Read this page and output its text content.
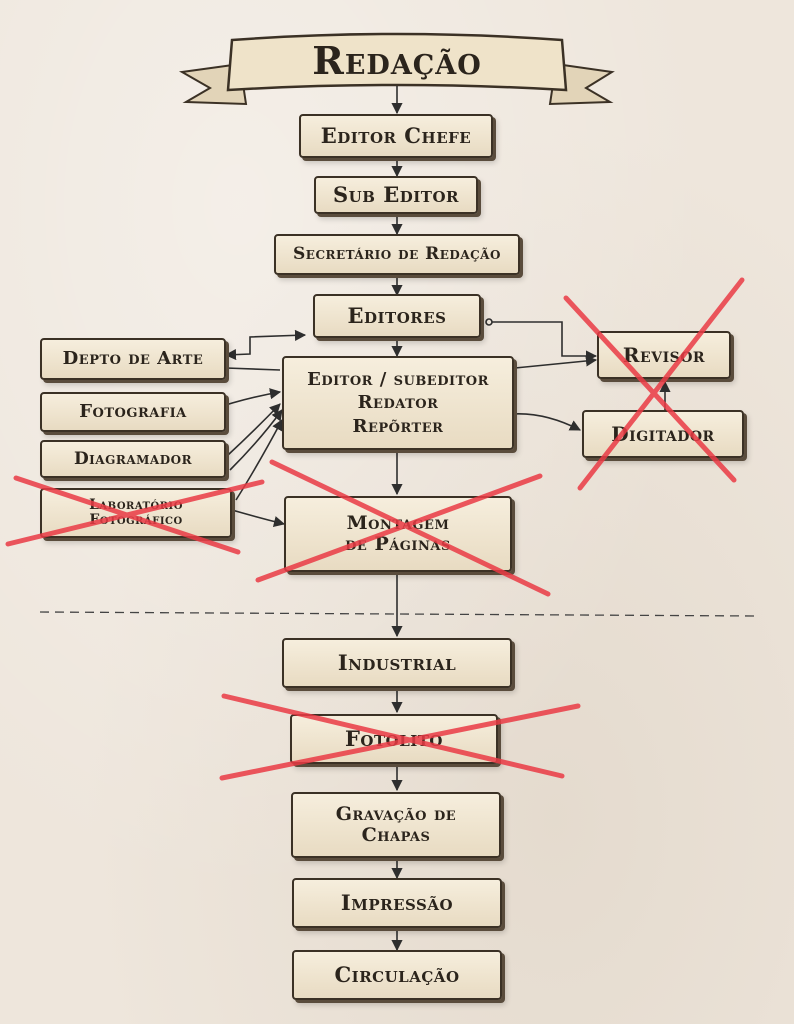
Redação
Editor Chefe
Sub Editor
Secretário de Redação
Editores
Depto de Arte
Fotografia
Diagramador
Laboratório
Fotográfico
Editor / subeditor
Redator
Repõrter
Montagem
de Páginas
Revisor
Digitador
Industrial
Fotolito
Gravação de
Chapas
Impressão
Circulação
